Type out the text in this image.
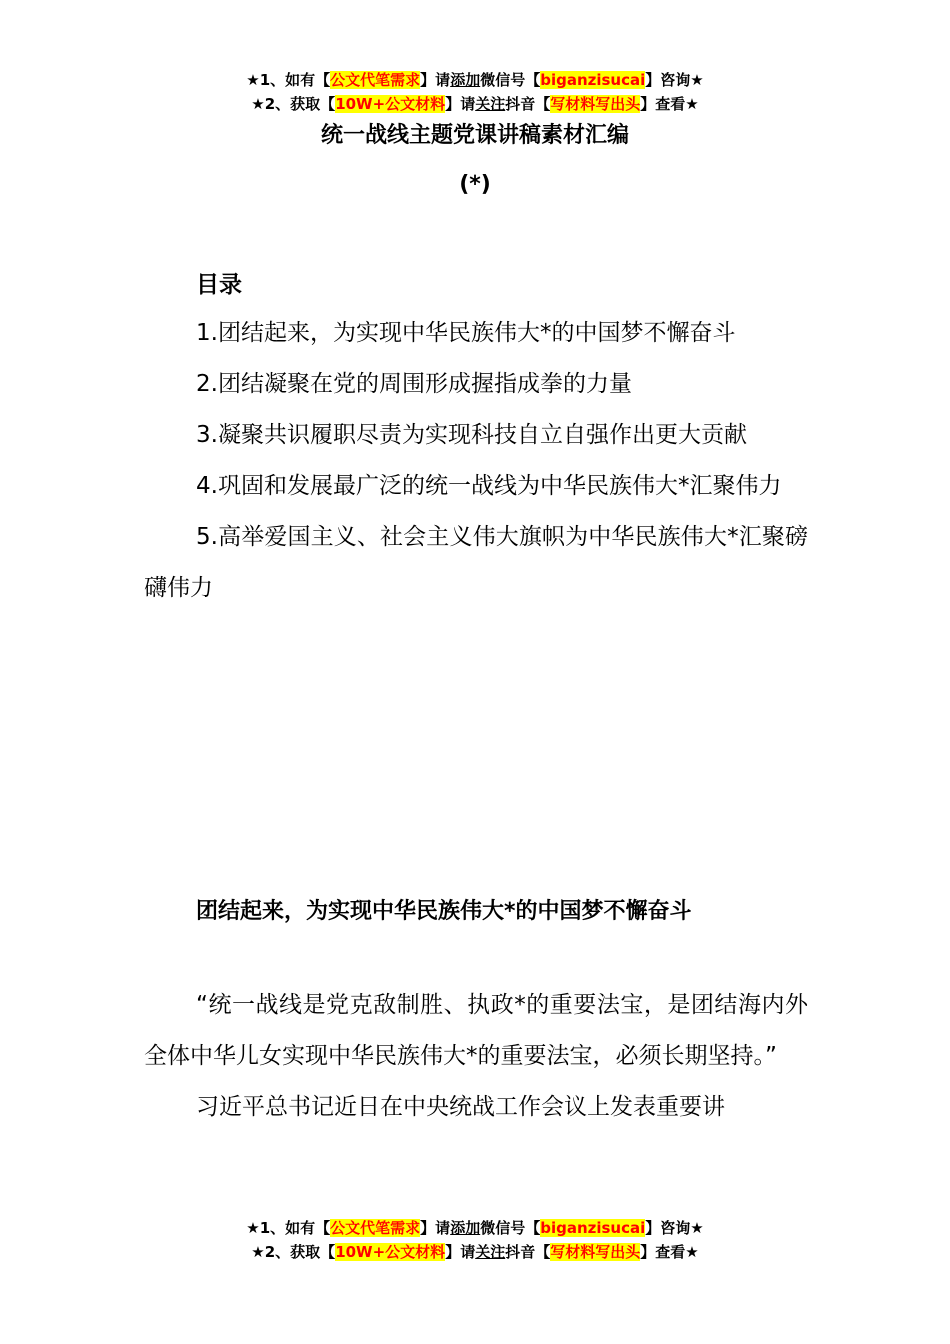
★1、如有【公文代笔需求】请添加微信号【biganzisucai】咨询★
★2、获取【10W+公文材料】请关注抖音【写材料写出头】查看★
统一战线主题党课讲稿素材汇编
(*)
目录

1.团结起来，为实现中华民族伟大*的中国梦不懈奋斗

2.团结凝聚在党的周围形成握指成拳的力量

3.凝聚共识履职尽责为实现科技自立自强作出更大贡献

4.巩固和发展最广泛的统一战线为中华民族伟大*汇聚伟力

5.高举爱国主义、社会主义伟大旗帜为中华民族伟大*汇聚磅礴伟力

团结起来，为实现中华民族伟大*的中国梦不懈奋斗

“统一战线是党克敌制胜、执政*的重要法宝，是团结海内外全体中华儿女实现中华民族伟大*的重要法宝，必须长期坚持。”

习近平总书记近日在中央统战工作会议上发表重要讲

★1、如有【公文代笔需求】请添加微信号【biganzisucai】咨询★
★2、获取【10W+公文材料】请关注抖音【写材料写出头】查看★
